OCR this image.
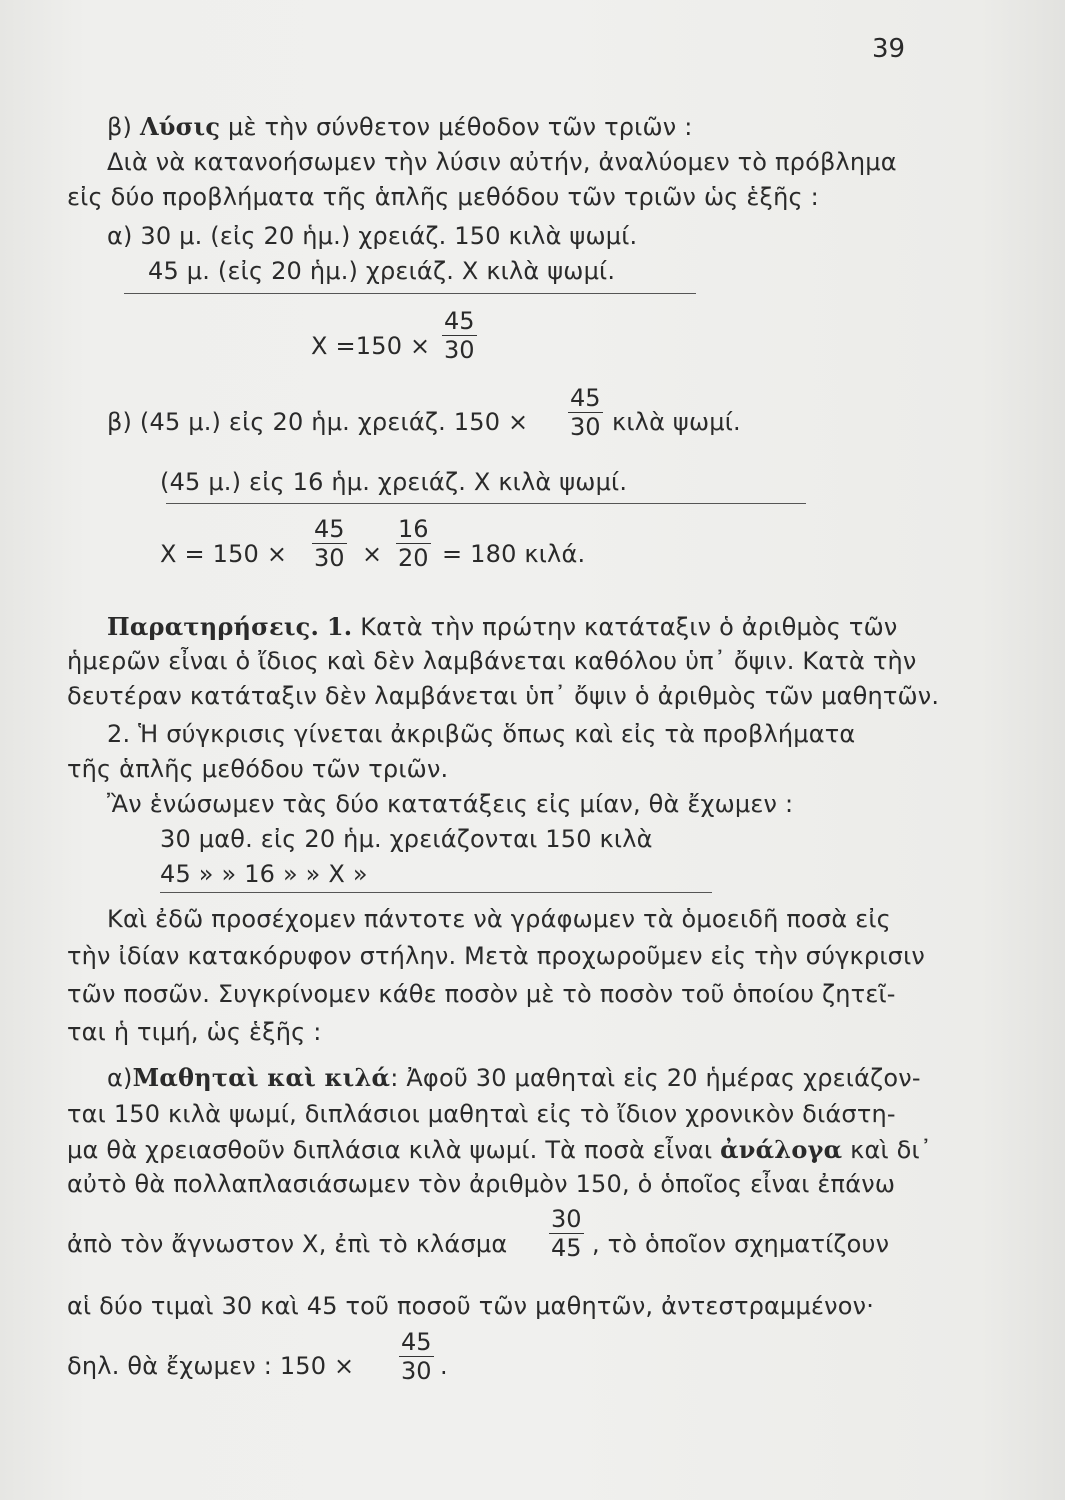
39
β) Λύσις μὲ τὴν σύνθετον μέθοδον τῶν τριῶν :
Διὰ νὰ κατανοήσωμεν τὴν λύσιν αὐτήν, ἀναλύομεν τὸ πρόβλημα
εἰς δύο προβλήματα τῆς ἁπλῆς μεθόδου τῶν τριῶν ὡς ἑξῆς :
α) 30 μ. (εἰς 20 ἡμ.) χρειάζ. 150 κιλὰ ψωμί.
45 μ. (εἰς 20 ἡμ.) χρειάζ. Χ κιλὰ ψωμί.
$X =150 \times \frac{45}{30}$
β) (45 μ.) εἰς 20 ἡμ. χρειάζ. $150 \times \frac{45}{30}$ κιλὰ ψωμί.
(45 μ.) εἰς 16 ἡμ. χρειάζ. Χ κιλὰ ψωμί.
$X = 150 \times \frac{45}{30} \times \frac{16}{20} = 180$ κιλά.
Παρατηρήσεις. 1. Κατὰ τὴν πρώτην κατάταξιν ὁ ἀριθμὸς τῶν
ἡμερῶν εἶναι ὁ ἴδιος καὶ δὲν λαμβάνεται καθόλου ὑπ᾿ ὄψιν. Κατὰ τὴν
δευτέραν κατάταξιν δὲν λαμβάνεται ὑπ᾿ ὄψιν ὁ ἀριθμὸς τῶν μαθητῶν.
2. Ἡ σύγκρισις γίνεται ἀκριβῶς ὅπως καὶ εἰς τὰ προβλήματα
τῆς ἁπλῆς μεθόδου τῶν τριῶν.
Ἂν ἑνώσωμεν τὰς δύο κατατάξεις εἰς μίαν, θὰ ἔχωμεν :
30 μαθ. εἰς 20 ἡμ. χρειάζονται 150 κιλὰ
45 » » 16 » » Χ »
Καὶ ἐδῶ προσέχομεν πάντοτε νὰ γράφωμεν τὰ ὁμοειδῆ ποσὰ εἰς
τὴν ἰδίαν κατακόρυφον στήλην. Μετὰ προχωροῦμεν εἰς τὴν σύγκρισιν
τῶν ποσῶν. Συγκρίνομεν κάθε ποσὸν μὲ τὸ ποσὸν τοῦ ὁποίου ζητεῖ-
ται ἡ τιμή, ὡς ἑξῆς :
α)Μαθηταὶ καὶ κιλά: Ἀφοῦ 30 μαθηταὶ εἰς 20 ἡμέρας χρειάζον-
ται 150 κιλὰ ψωμί, διπλάσιοι μαθηταὶ εἰς τὸ ἴδιον χρονικὸν διάστη-
μα θὰ χρειασθοῦν διπλάσια κιλὰ ψωμί. Τὰ ποσὰ εἶναι ἀνάλογα καὶ δι᾿
αὐτὸ θὰ πολλαπλασιάσωμεν τὸν ἀριθμὸν 150, ὁ ὁποῖος εἶναι ἐπάνω
ἀπὸ τὸν ἄγνωστον Χ, ἐπὶ τὸ κλάσμα $\frac{30}{45}$ , τὸ ὁποῖον σχηματίζουν
αἱ δύο τιμαὶ 30 καὶ 45 τοῦ ποσοῦ τῶν μαθητῶν, ἀντεστραμμένον·
δηλ. θὰ ἔχωμεν : $150 \times \frac{45}{30}$ .
